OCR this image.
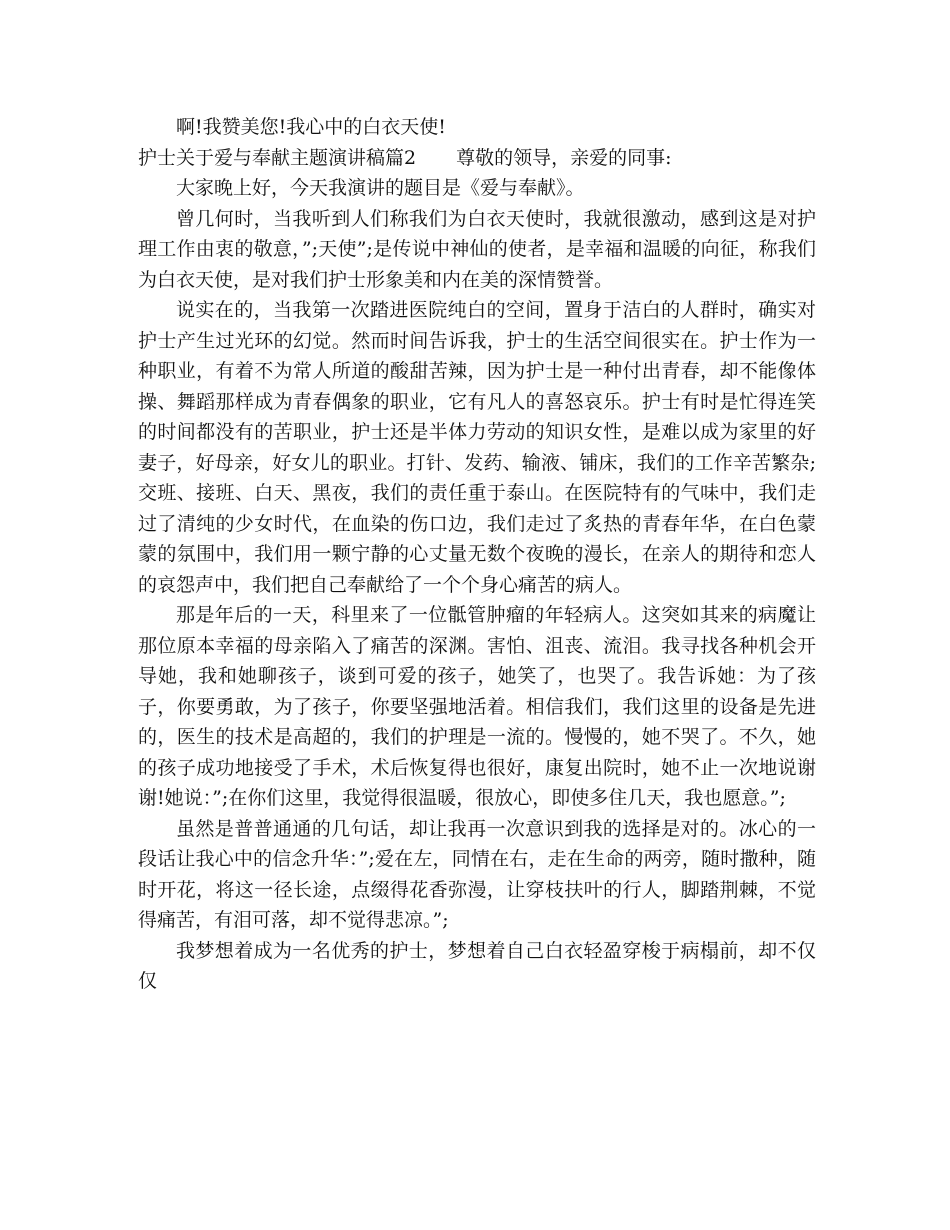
啊!我赞美您!我心中的白衣天使!

护士关于爱与奉献主题演讲稿篇2 尊敬的领导，亲爱的同事:

大家晚上好，今天我演讲的题目是《爱与奉献》。

曾几何时，当我听到人们称我们为白衣天使时，我就很激动，感到这是对护理工作由衷的敬意，”;天使”;是传说中神仙的使者，是幸福和温暖的向征，称我们为白衣天使，是对我们护士形象美和内在美的深情赞誉。

说实在的，当我第一次踏进医院纯白的空间，置身于洁白的人群时，确实对护士产生过光环的幻觉。然而时间告诉我，护士的生活空间很实在。护士作为一种职业，有着不为常人所道的酸甜苦辣，因为护士是一种付出青春，却不能像体操、舞蹈那样成为青春偶象的职业，它有凡人的喜怒哀乐。护士有时是忙得连笑的时间都没有的苦职业，护士还是半体力劳动的知识女性，是难以成为家里的好妻子，好母亲，好女儿的职业。打针、发药、输液、铺床，我们的工作辛苦繁杂;交班、接班、白天、黑夜，我们的责任重于泰山。在医院特有的气味中，我们走过了清纯的少女时代，在血染的伤口边，我们走过了炙热的青春年华，在白色蒙蒙的氛围中，我们用一颗宁静的心丈量无数个夜晚的漫长，在亲人的期待和恋人的哀怨声中，我们把自己奉献给了一个个身心痛苦的病人。

那是年后的一天，科里来了一位骶管肿瘤的年轻病人。这突如其来的病魔让那位原本幸福的母亲陷入了痛苦的深渊。害怕、沮丧、流泪。我寻找各种机会开导她，我和她聊孩子，谈到可爱的孩子，她笑了，也哭了。我告诉她：为了孩子，你要勇敢，为了孩子，你要坚强地活着。相信我们，我们这里的设备是先进的，医生的技术是高超的，我们的护理是一流的。慢慢的，她不哭了。不久，她的孩子成功地接受了手术，术后恢复得也很好，康复出院时，她不止一次地说谢谢!她说：”;在你们这里，我觉得很温暖，很放心，即使多住几天，我也愿意。”;

虽然是普普通通的几句话，却让我再一次意识到我的选择是对的。冰心的一段话让我心中的信念升华：”;爱在左，同情在右，走在生命的两旁，随时撒种，随时开花，将这一径长途，点缀得花香弥漫，让穿枝扶叶的行人，脚踏荆棘，不觉得痛苦，有泪可落，却不觉得悲凉。”;

我梦想着成为一名优秀的护士，梦想着自己白衣轻盈穿梭于病榻前，却不仅仅
